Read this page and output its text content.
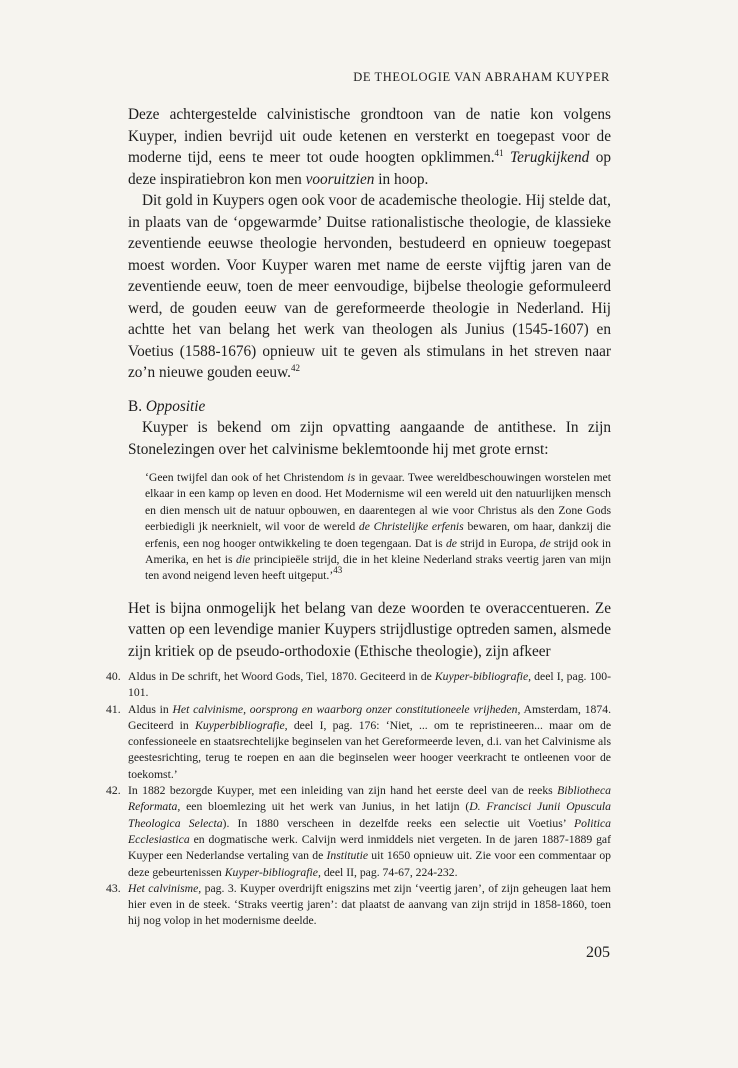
DE THEOLOGIE VAN ABRAHAM KUYPER

Deze achtergestelde calvinistische grondtoon van de natie kon volgens Kuyper, indien bevrijd uit oude ketenen en versterkt en toegepast voor de moderne tijd, eens te meer tot oude hoogten opklimmen.$^{41}$ Terugkijkend op deze inspiratiebron kon men vooruitzien in hoop.

Dit gold in Kuypers ogen ook voor de academische theologie. Hij stelde dat, in plaats van de ‘opgewarmde’ Duitse rationalistische theologie, de klassieke zeventiende eeuwse theologie hervonden, bestudeerd en opnieuw toegepast moest worden. Voor Kuyper waren met name de eerste vijftig jaren van de zeventiende eeuw, toen de meer eenvoudige, bijbelse theologie geformuleerd werd, de gouden eeuw van de gereformeerde theologie in Nederland. Hij achtte het van belang het werk van theologen als Junius (1545-1607) en Voetius (1588-1676) opnieuw uit te geven als stimulans in het streven naar zo’n nieuwe gouden eeuw.$^{42}$

B. Oppositie

Kuyper is bekend om zijn opvatting aangaande de antithese. In zijn Stonelezingen over het calvinisme beklemtoonde hij met grote ernst:

‘Geen twijfel dan ook of het Christendom is in gevaar. Twee wereldbeschouwingen worstelen met elkaar in een kamp op leven en dood. Het Modernisme wil een wereld uit den natuurlijken mensch en dien mensch uit de natuur opbouwen, en daarentegen al wie voor Christus als den Zone Gods eerbiedigli jk neerknielt, wil voor de wereld de Christelijke erfenis bewaren, om haar, dankzij die erfenis, een nog hooger ontwikkeling te doen tegengaan. Dat is de strijd in Europa, de strijd ook in Amerika, en het is die principieële strijd, die in het kleine Nederland straks veertig jaren van mijn ten avond neigend leven heeft uitgeput.’$^{43}$

Het is bijna onmogelijk het belang van deze woorden te overaccentueren. Ze vatten op een levendige manier Kuypers strijdlustige optreden samen, alsmede zijn kritiek op de pseudo-orthodoxie (Ethische theologie), zijn afkeer

40. Aldus in De schrift, het Woord Gods, Tiel, 1870. Geciteerd in de Kuyper-bibliografie, deel I, pag. 100-101.
41. Aldus in Het calvinisme, oorsprong en waarborg onzer constitutioneele vrijheden, Amsterdam, 1874. Geciteerd in Kuyperbibliografie, deel I, pag. 176: ‘Niet, ... om te repristineeren... maar om de confessioneele en staatsrechtelijke beginselen van het Gereformeerde leven, d.i. van het Calvinisme als geestesrichting, terug te roepen en aan die beginselen weer hooger veerkracht te ontleenen voor de toekomst.’
42. In 1882 bezorgde Kuyper, met een inleiding van zijn hand het eerste deel van de reeks Bibliotheca Reformata, een bloemlezing uit het werk van Junius, in het latijn (D. Francisci Junii Opuscula Theologica Selecta). In 1880 verscheen in dezelfde reeks een selectie uit Voetius’ Politica Ecclesiastica en dogmatische werk. Calvijn werd inmiddels niet vergeten. In de jaren 1887-1889 gaf Kuyper een Nederlandse vertaling van de Institutie uit 1650 opnieuw uit. Zie voor een commentaar op deze gebeurtenissen Kuyper-bibliografie, deel II, pag. 74-67, 224-232.
43. Het calvinisme, pag. 3. Kuyper overdrijft enigszins met zijn ‘veertig jaren’, of zijn geheugen laat hem hier even in de steek. ‘Straks veertig jaren’: dat plaatst de aanvang van zijn strijd in 1858-1860, toen hij nog volop in het modernisme deelde.
205
